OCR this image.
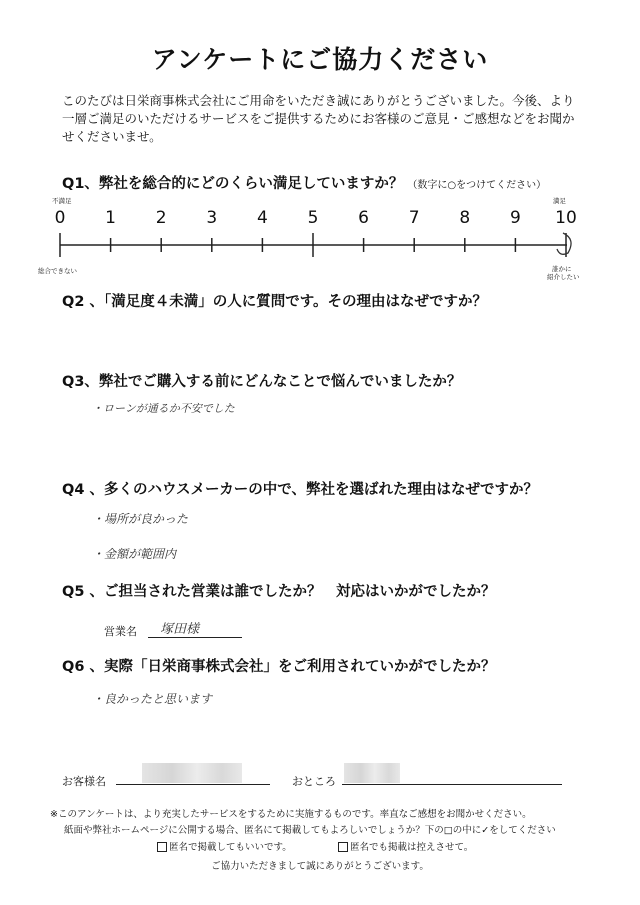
アンケートにご協力ください
このたびは日栄商事株式会社にご用命をいただき誠にありがとうございました。今後、より一層ご満足のいただけるサービスをご提供するためにお客様のご意見・ご感想などをお聞かせくださいませ。
Q1、弊社を総合的にどのくらい満足していますか？ （数字に○をつけてください）
不満足	満足
0	1	2	3	4	5	6	7	8	9	10
総合できない	誰かに
紹介したい
Q2 、「満足度４未満」の人に質問です。その理由はなぜですか？
Q3、弊社でご購入する前にどんなことで悩んでいましたか？
・ローンが通るか不安でした
Q4 、多くのハウスメーカーの中で、弊社を選ばれた理由はなぜですか？
・場所が良かった
・金額が範囲内
Q5 、ご担当された営業は誰でしたか？　対応はいかがでしたか？
営業名 塚田様
Q6 、実際「日栄商事株式会社」をご利用されていかがでしたか？
・良かったと思います
お客様名	おところ
※このアンケートは、より充実したサービスをするために実施するものです。率直なご感想をお聞かせください。
紙面や弊社ホームページに公開する場合、匿名にて掲載してもよろしいでしょうか？下の□の中に✓をしてください
匿名で掲載してもいいです。	匿名でも掲載は控えさせて。
ご協力いただきまして誠にありがとうございます。
